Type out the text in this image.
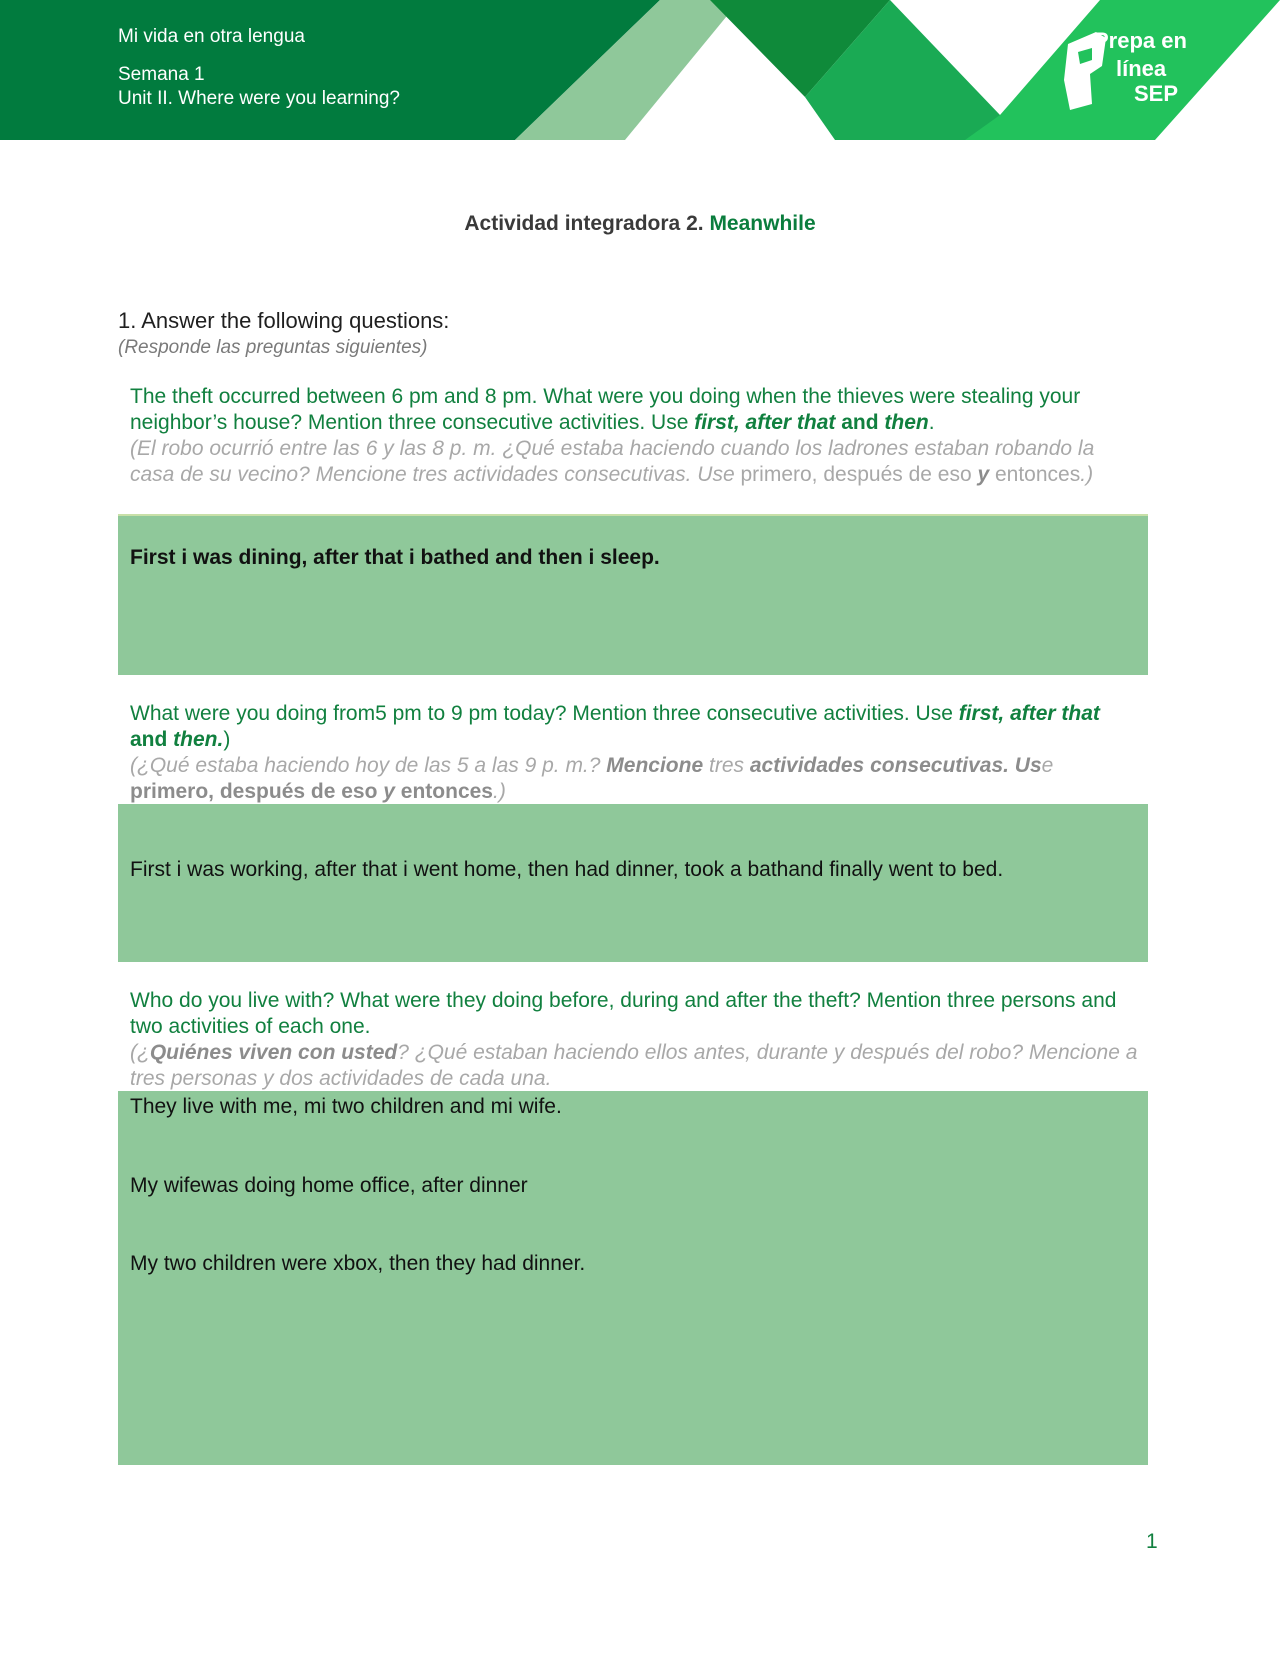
Mi vida en otra lengua
Semana 1
Unit II. Where were you learning?
Prepa en
línea
SEP
Actividad integradora 2. Meanwhile
1. Answer the following questions:
(Responde las preguntas siguientes)
The theft occurred between 6 pm and 8 pm. What were you doing when the thieves were stealing your neighbor’s house? Mention three consecutive activities. Use first, after that and then.
(El robo ocurrió entre las 6 y las 8 p. m. ¿Qué estaba haciendo cuando los ladrones estaban robando la casa de su vecino? Mencione tres actividades consecutivas. Use primero, después de eso y entonces.)
First i was dining, after that i bathed and then i sleep.
What were you doing from5 pm to 9 pm today? Mention three consecutive activities. Use first, after that and then.)
(¿Qué estaba haciendo hoy de las 5 a las 9 p. m.? Mencione tres actividades consecutivas. Use primero, después de eso y entonces.)
First i was working, after that i went home, then had dinner, took a bathand finally went to bed.
Who do you live with? What were they doing before, during and after the theft? Mention three persons and two activities of each one.
(¿Quiénes viven con usted? ¿Qué estaban haciendo ellos antes, durante y después del robo? Mencione a tres personas y dos actividades de cada una.
They live with me, mi two children and mi wife.
My wifewas doing home office, after dinner
My two children were xbox, then they had dinner.
1
